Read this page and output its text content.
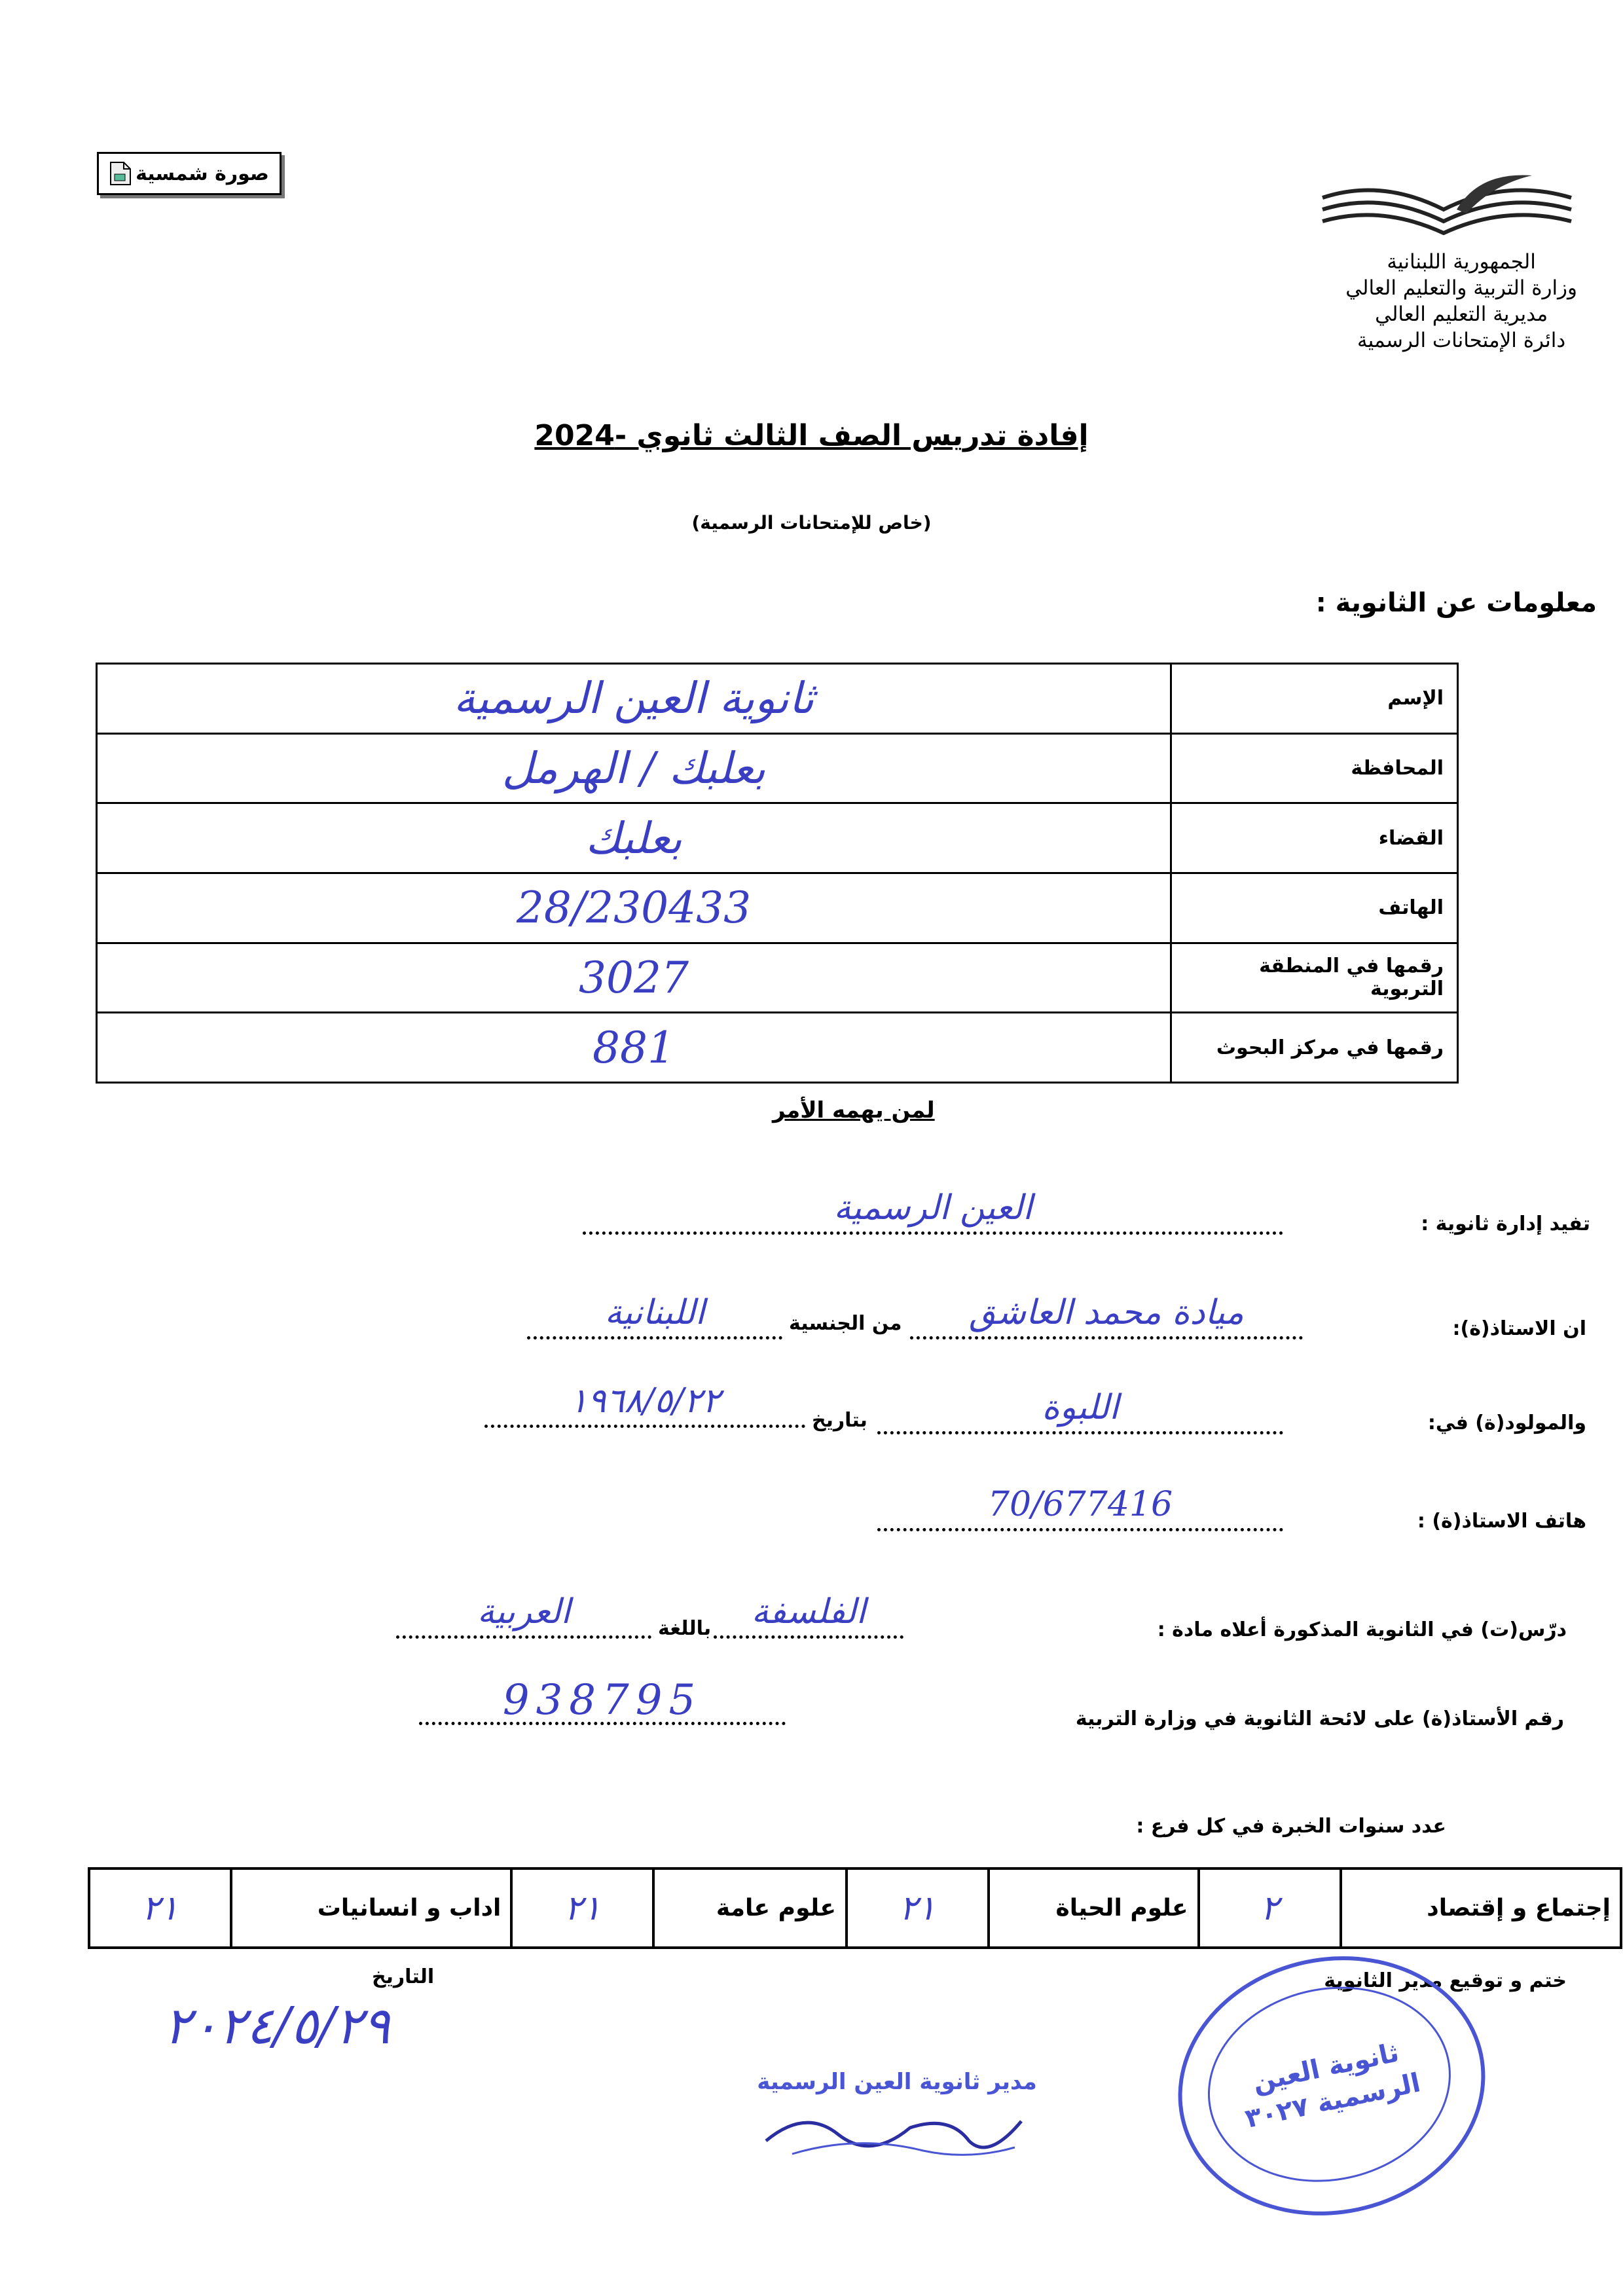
صورة شمسية
الجمهورية اللبنانية
وزارة التربية والتعليم العالي
مديرية التعليم العالي
دائرة الإمتحانات الرسمية
إفادة تدريس الصف الثالث ثانوي -2024
(خاص للإمتحانات الرسمية)
معلومات عن الثانوية :
الإسم	ثانوية العين الرسمية
المحافظة	بعلبك / الهرمل
القضاء	بعلبك
الهاتف	28/230433
رقمها في المنطقة التربوية	3027
رقمها في مركز البحوث	881
لمن يهمه الأمر
تفيد إدارة ثانوية :
العين الرسمية
ان الاستاذ(ة):
ميادة محمد العاشق
من الجنسية
اللبنانية
والمولود(ة) في:
اللبوة
بتاريخ
١٩٦٨/٥/٢٢
هاتف الاستاذ(ة) :
70/677416
درّس(ت) في الثانوية المذكورة أعلاه مادة :
الفلسفة
باللغة
العربية
رقم الأستاذ(ة) على لائحة الثانوية في وزارة التربية
938795
عدد سنوات الخبرة في كل فرع :
إجتماع و إقتصاد	٢	علوم الحياة	٢١	علوم عامة	٢١	اداب و انسانيات	٢١
ختم و توقيع مدير الثانوية
التاريخ
٢٠٢٤/٥/٢٩
مدير ثانوية العين الرسمية	ثانوية العين الرسمية ٣٠٢٧
